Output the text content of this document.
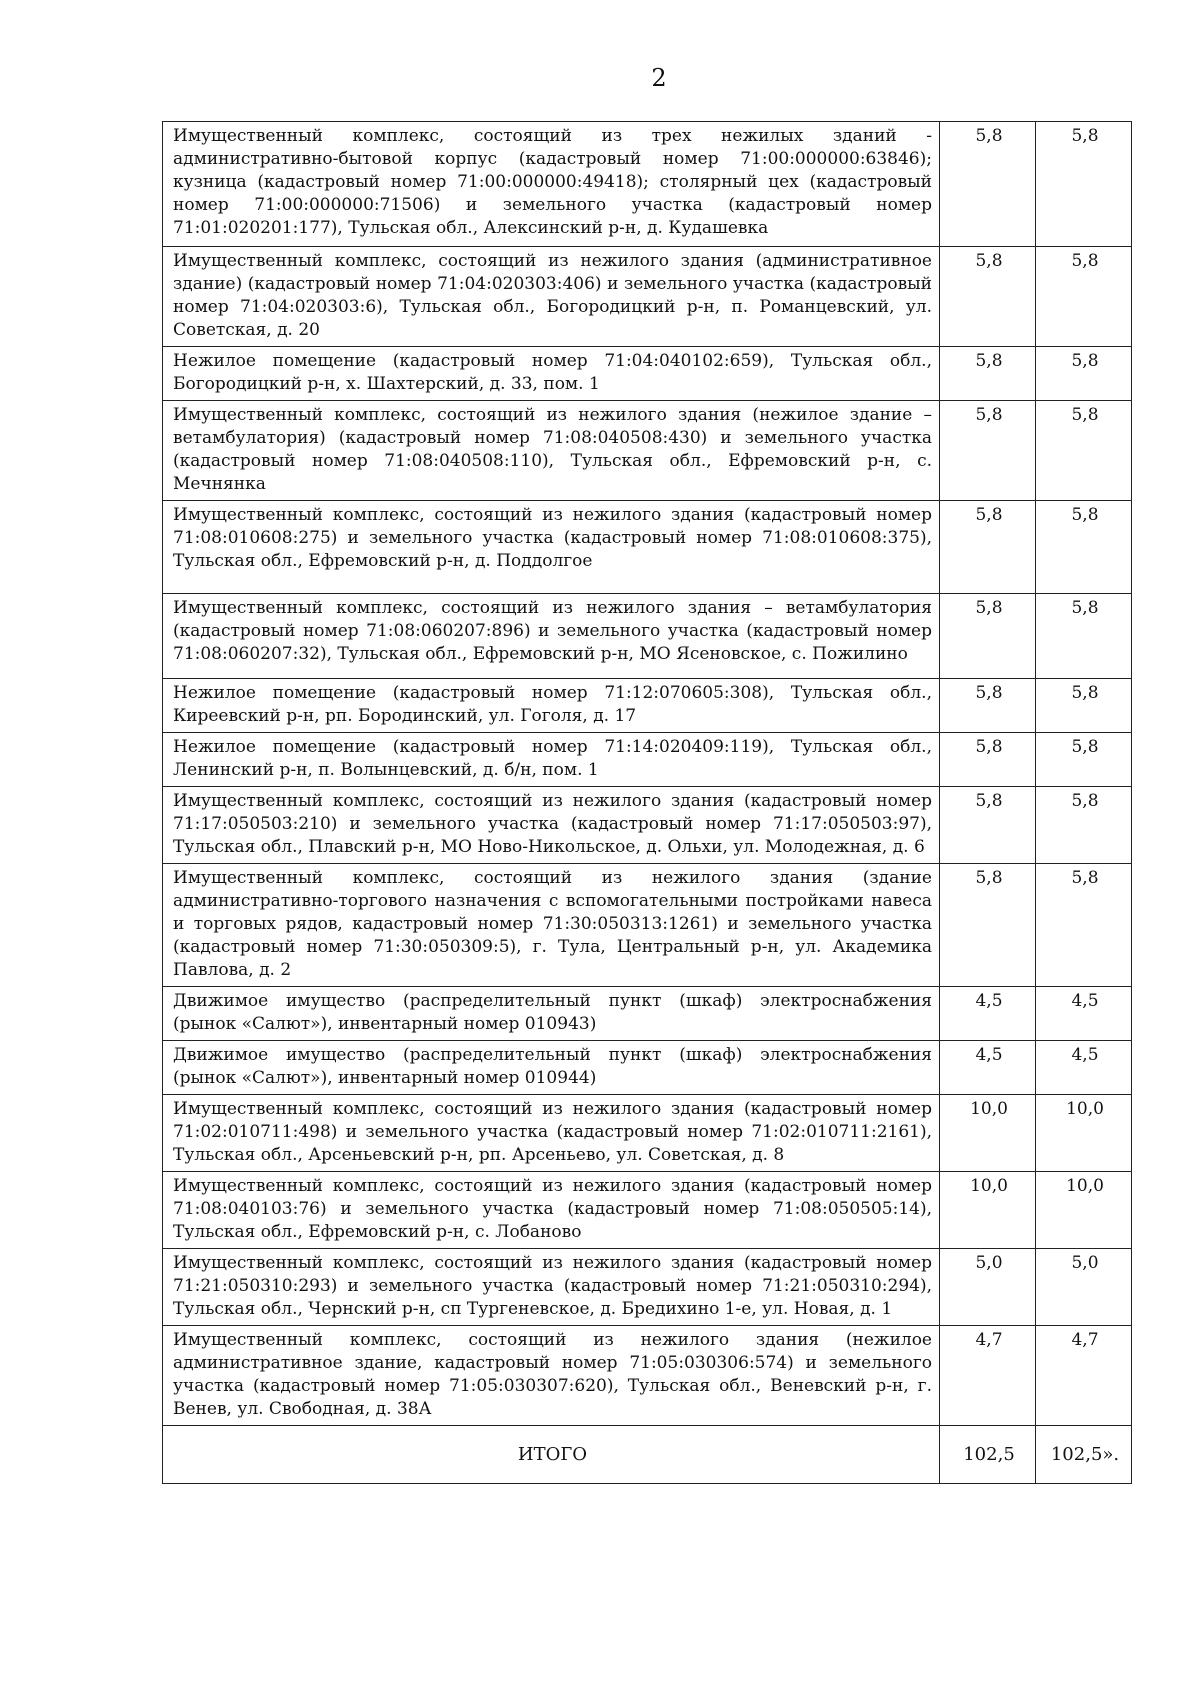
2
Имущественный комплекс, состоящий из трех нежилых зданий - административно-бытовой корпус (кадастровый номер 71:00:000000:63846); кузница (кадастровый номер 71:00:000000:49418); столярный цех (кадастровый номер 71:00:000000:71506) и земельного участка (кадастровый номер 71:01:020201:177), Тульская обл., Алексинский р-н, д. Кудашевка	5,8	5,8
Имущественный комплекс, состоящий из нежилого здания (административное здание) (кадастровый номер 71:04:020303:406) и земельного участка (кадастровый номер 71:04:020303:6), Тульская обл., Богородицкий р-н, п. Романцевский, ул. Советская, д. 20	5,8	5,8
Нежилое помещение (кадастровый номер 71:04:040102:659), Тульская обл., Богородицкий р-н, х. Шахтерский, д. 33, пом. 1	5,8	5,8
Имущественный комплекс, состоящий из нежилого здания (нежилое здание – ветамбулатория) (кадастровый номер 71:08:040508:430) и земельного участка (кадастровый номер 71:08:040508:110), Тульская обл., Ефремовский р-н, с. Мечнянка	5,8	5,8
Имущественный комплекс, состоящий из нежилого здания (кадастровый номер 71:08:010608:275) и земельного участка (кадастровый номер 71:08:010608:375), Тульская обл., Ефремовский р-н, д. Поддолгое	5,8	5,8
Имущественный комплекс, состоящий из нежилого здания – ветамбулатория (кадастровый номер 71:08:060207:896) и земельного участка (кадастровый номер 71:08:060207:32), Тульская обл., Ефремовский р-н, МО Ясеновское, с. Пожилино	5,8	5,8
Нежилое помещение (кадастровый номер 71:12:070605:308), Тульская обл., Киреевский р-н, рп. Бородинский, ул. Гоголя, д. 17	5,8	5,8
Нежилое помещение (кадастровый номер 71:14:020409:119), Тульская обл., Ленинский р-н, п. Волынцевский, д. б/н, пом. 1	5,8	5,8
Имущественный комплекс, состоящий из нежилого здания (кадастровый номер 71:17:050503:210) и земельного участка (кадастровый номер 71:17:050503:97), Тульская обл., Плавский р-н, МО Ново-Никольское, д. Ольхи, ул. Молодежная, д. 6	5,8	5,8
Имущественный комплекс, состоящий из нежилого здания (здание административно-торгового назначения с вспомогательными постройками навеса и торговых рядов, кадастровый номер 71:30:050313:1261) и земельного участка (кадастровый номер 71:30:050309:5), г. Тула, Центральный р-н, ул. Академика Павлова, д. 2	5,8	5,8
Движимое имущество (распределительный пункт (шкаф) электроснабжения (рынок «Салют»), инвентарный номер 010943)	4,5	4,5
Движимое имущество (распределительный пункт (шкаф) электроснабжения (рынок «Салют»), инвентарный номер 010944)	4,5	4,5
Имущественный комплекс, состоящий из нежилого здания (кадастровый номер 71:02:010711:498) и земельного участка (кадастровый номер 71:02:010711:2161), Тульская обл., Арсеньевский р-н, рп. Арсеньево, ул. Советская, д. 8	10,0	10,0
Имущественный комплекс, состоящий из нежилого здания (кадастровый номер 71:08:040103:76) и земельного участка (кадастровый номер 71:08:050505:14), Тульская обл., Ефремовский р-н, с. Лобаново	10,0	10,0
Имущественный комплекс, состоящий из нежилого здания (кадастровый номер 71:21:050310:293) и земельного участка (кадастровый номер 71:21:050310:294), Тульская обл., Чернский р-н, сп Тургеневское, д. Бредихино 1-е, ул. Новая, д. 1	5,0	5,0
Имущественный комплекс, состоящий из нежилого здания (нежилое административное здание, кадастровый номер 71:05:030306:574) и земельного участка (кадастровый номер 71:05:030307:620), Тульская обл., Веневский р-н, г. Венев, ул. Свободная, д. 38А	4,7	4,7
ИТОГО	102,5	102,5».
